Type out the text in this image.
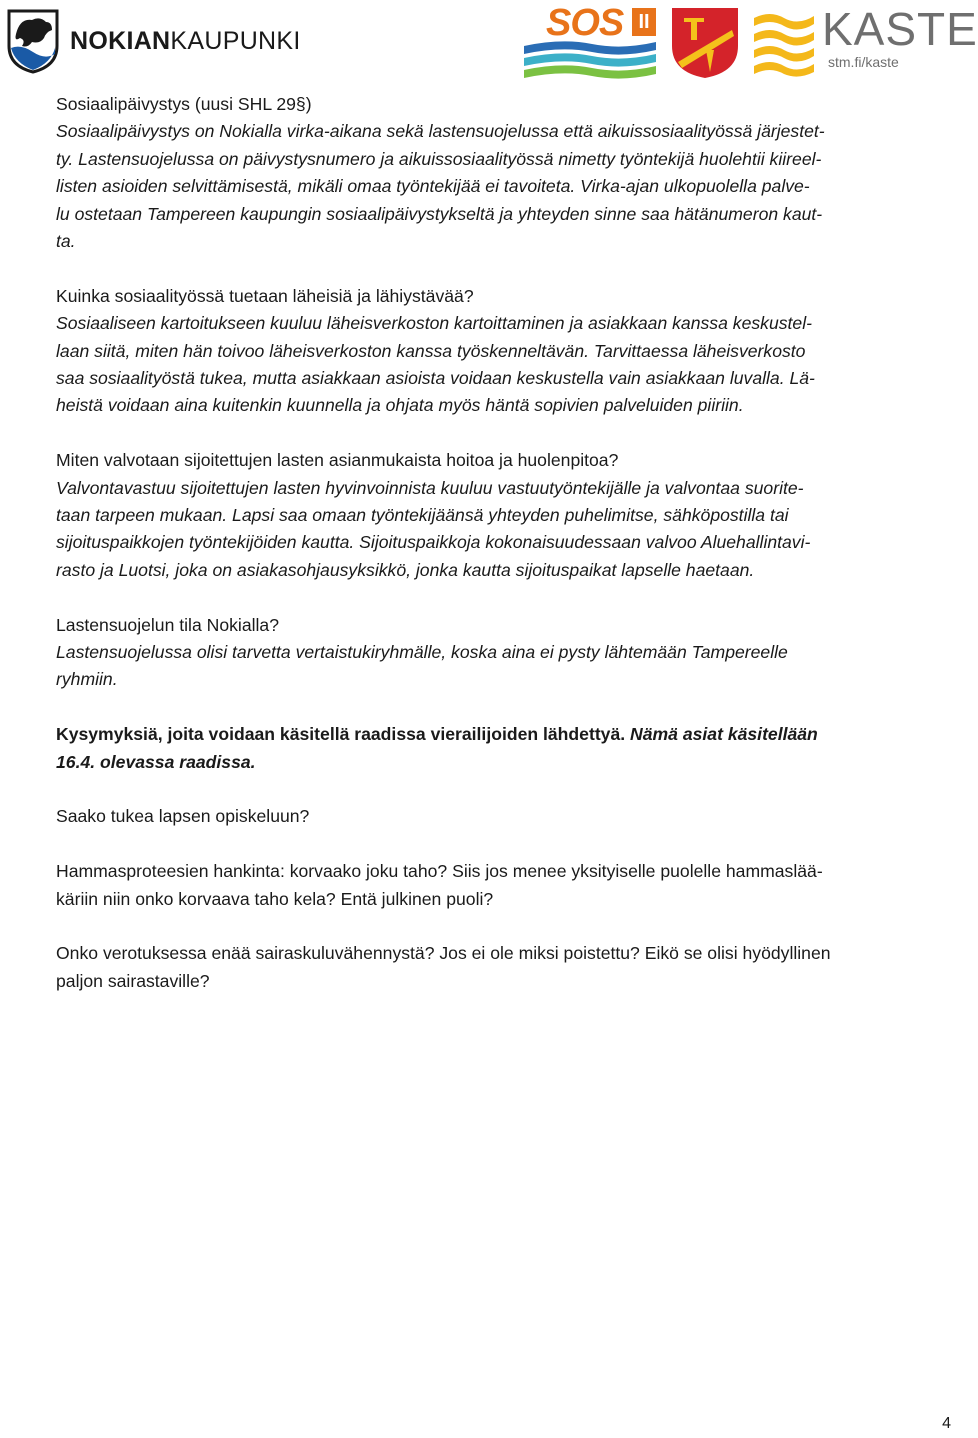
NOKIANKAUPUNKI	SOS II	KASTE
stm.fi/kaste

Sosiaalipäivystys (uusi SHL 29§)

Sosiaalipäivystys on Nokialla virka-aikana sekä lastensuojelussa että aikuissosiaalityössä järjestet-

ty. Lastensuojelussa on päivystysnumero ja aikuissosiaalityössä nimetty työntekijä huolehtii kiireel-

listen asioiden selvittämisestä, mikäli omaa työntekijää ei tavoiteta. Virka-ajan ulkopuolella palve-

lu ostetaan Tampereen kaupungin sosiaalipäivystykseltä ja yhteyden sinne saa hätänumeron kaut-

ta.

Kuinka sosiaalityössä tuetaan läheisiä ja lähiystävää?

Sosiaaliseen kartoitukseen kuuluu läheisverkoston kartoittaminen ja asiakkaan kanssa keskustel-

laan siitä, miten hän toivoo läheisverkoston kanssa työskenneltävän. Tarvittaessa läheisverkosto

saa sosiaalityöstä tukea, mutta asiakkaan asioista voidaan keskustella vain asiakkaan luvalla. Lä-

heistä voidaan aina kuitenkin kuunnella ja ohjata myös häntä sopivien palveluiden piiriin.

Miten valvotaan sijoitettujen lasten asianmukaista hoitoa ja huolenpitoa?

Valvontavastuu sijoitettujen lasten hyvinvoinnista kuuluu vastuutyöntekijälle ja valvontaa suorite-

taan tarpeen mukaan. Lapsi saa omaan työntekijäänsä yhteyden puhelimitse, sähköpostilla tai

sijoituspaikkojen työntekijöiden kautta. Sijoituspaikkoja kokonaisuudessaan valvoo Aluehallintavi-

rasto ja Luotsi, joka on asiakasohjausyksikkö, jonka kautta sijoituspaikat lapselle haetaan.

Lastensuojelun tila Nokialla?

Lastensuojelussa olisi tarvetta vertaistukiryhmälle, koska aina ei pysty lähtemään Tampereelle

ryhmiin.

Kysymyksiä, joita voidaan käsitellä raadissa vierailijoiden lähdettyä. Nämä asiat käsitellään

16.4. olevassa raadissa.

Saako tukea lapsen opiskeluun?

Hammasproteesien hankinta: korvaako joku taho? Siis jos menee yksityiselle puolelle hammaslää-

käriin niin onko korvaava taho kela? Entä julkinen puoli?

Onko verotuksessa enää sairaskuluvähennystä? Jos ei ole miksi poistettu? Eikö se olisi hyödyllinen

paljon sairastaville?

4
